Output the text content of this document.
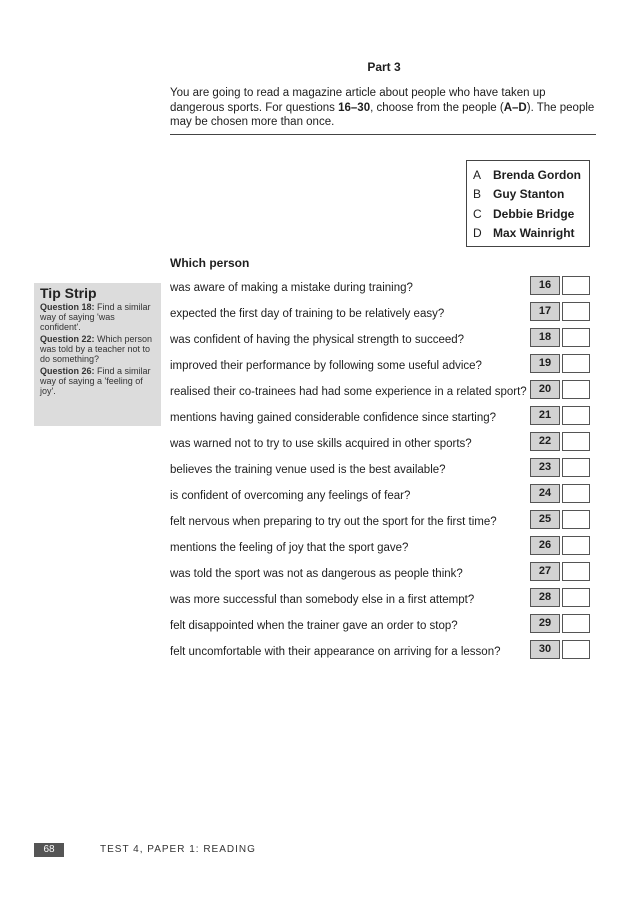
Part 3
You are going to read a magazine article about people who have taken up dangerous sports. For questions 16–30, choose from the people (A–D). The people may be chosen more than once.
A Brenda Gordon
B Guy Stanton
C Debbie Bridge
D Max Wainright
Which person
Tip Strip
Question 18: Find a similar way of saying 'was confident'.
Question 22: Which person was told by a teacher not to do something?
Question 26: Find a similar way of saying a 'feeling of joy'.
was aware of making a mistake during training?	16
expected the first day of training to be relatively easy?	17
was confident of having the physical strength to succeed?	18
improved their performance by following some useful advice?	19
realised their co-trainees had had some experience in a related sport?	20
mentions having gained considerable confidence since starting?	21
was warned not to try to use skills acquired in other sports?	22
believes the training venue used is the best available?	23
is confident of overcoming any feelings of fear?	24
felt nervous when preparing to try out the sport for the first time?	25
mentions the feeling of joy that the sport gave?	26
was told the sport was not as dangerous as people think?	27
was more successful than somebody else in a first attempt?	28
felt disappointed when the trainer gave an order to stop?	29
felt uncomfortable with their appearance on arriving for a lesson?	30
68	TEST 4, PAPER 1: READING
